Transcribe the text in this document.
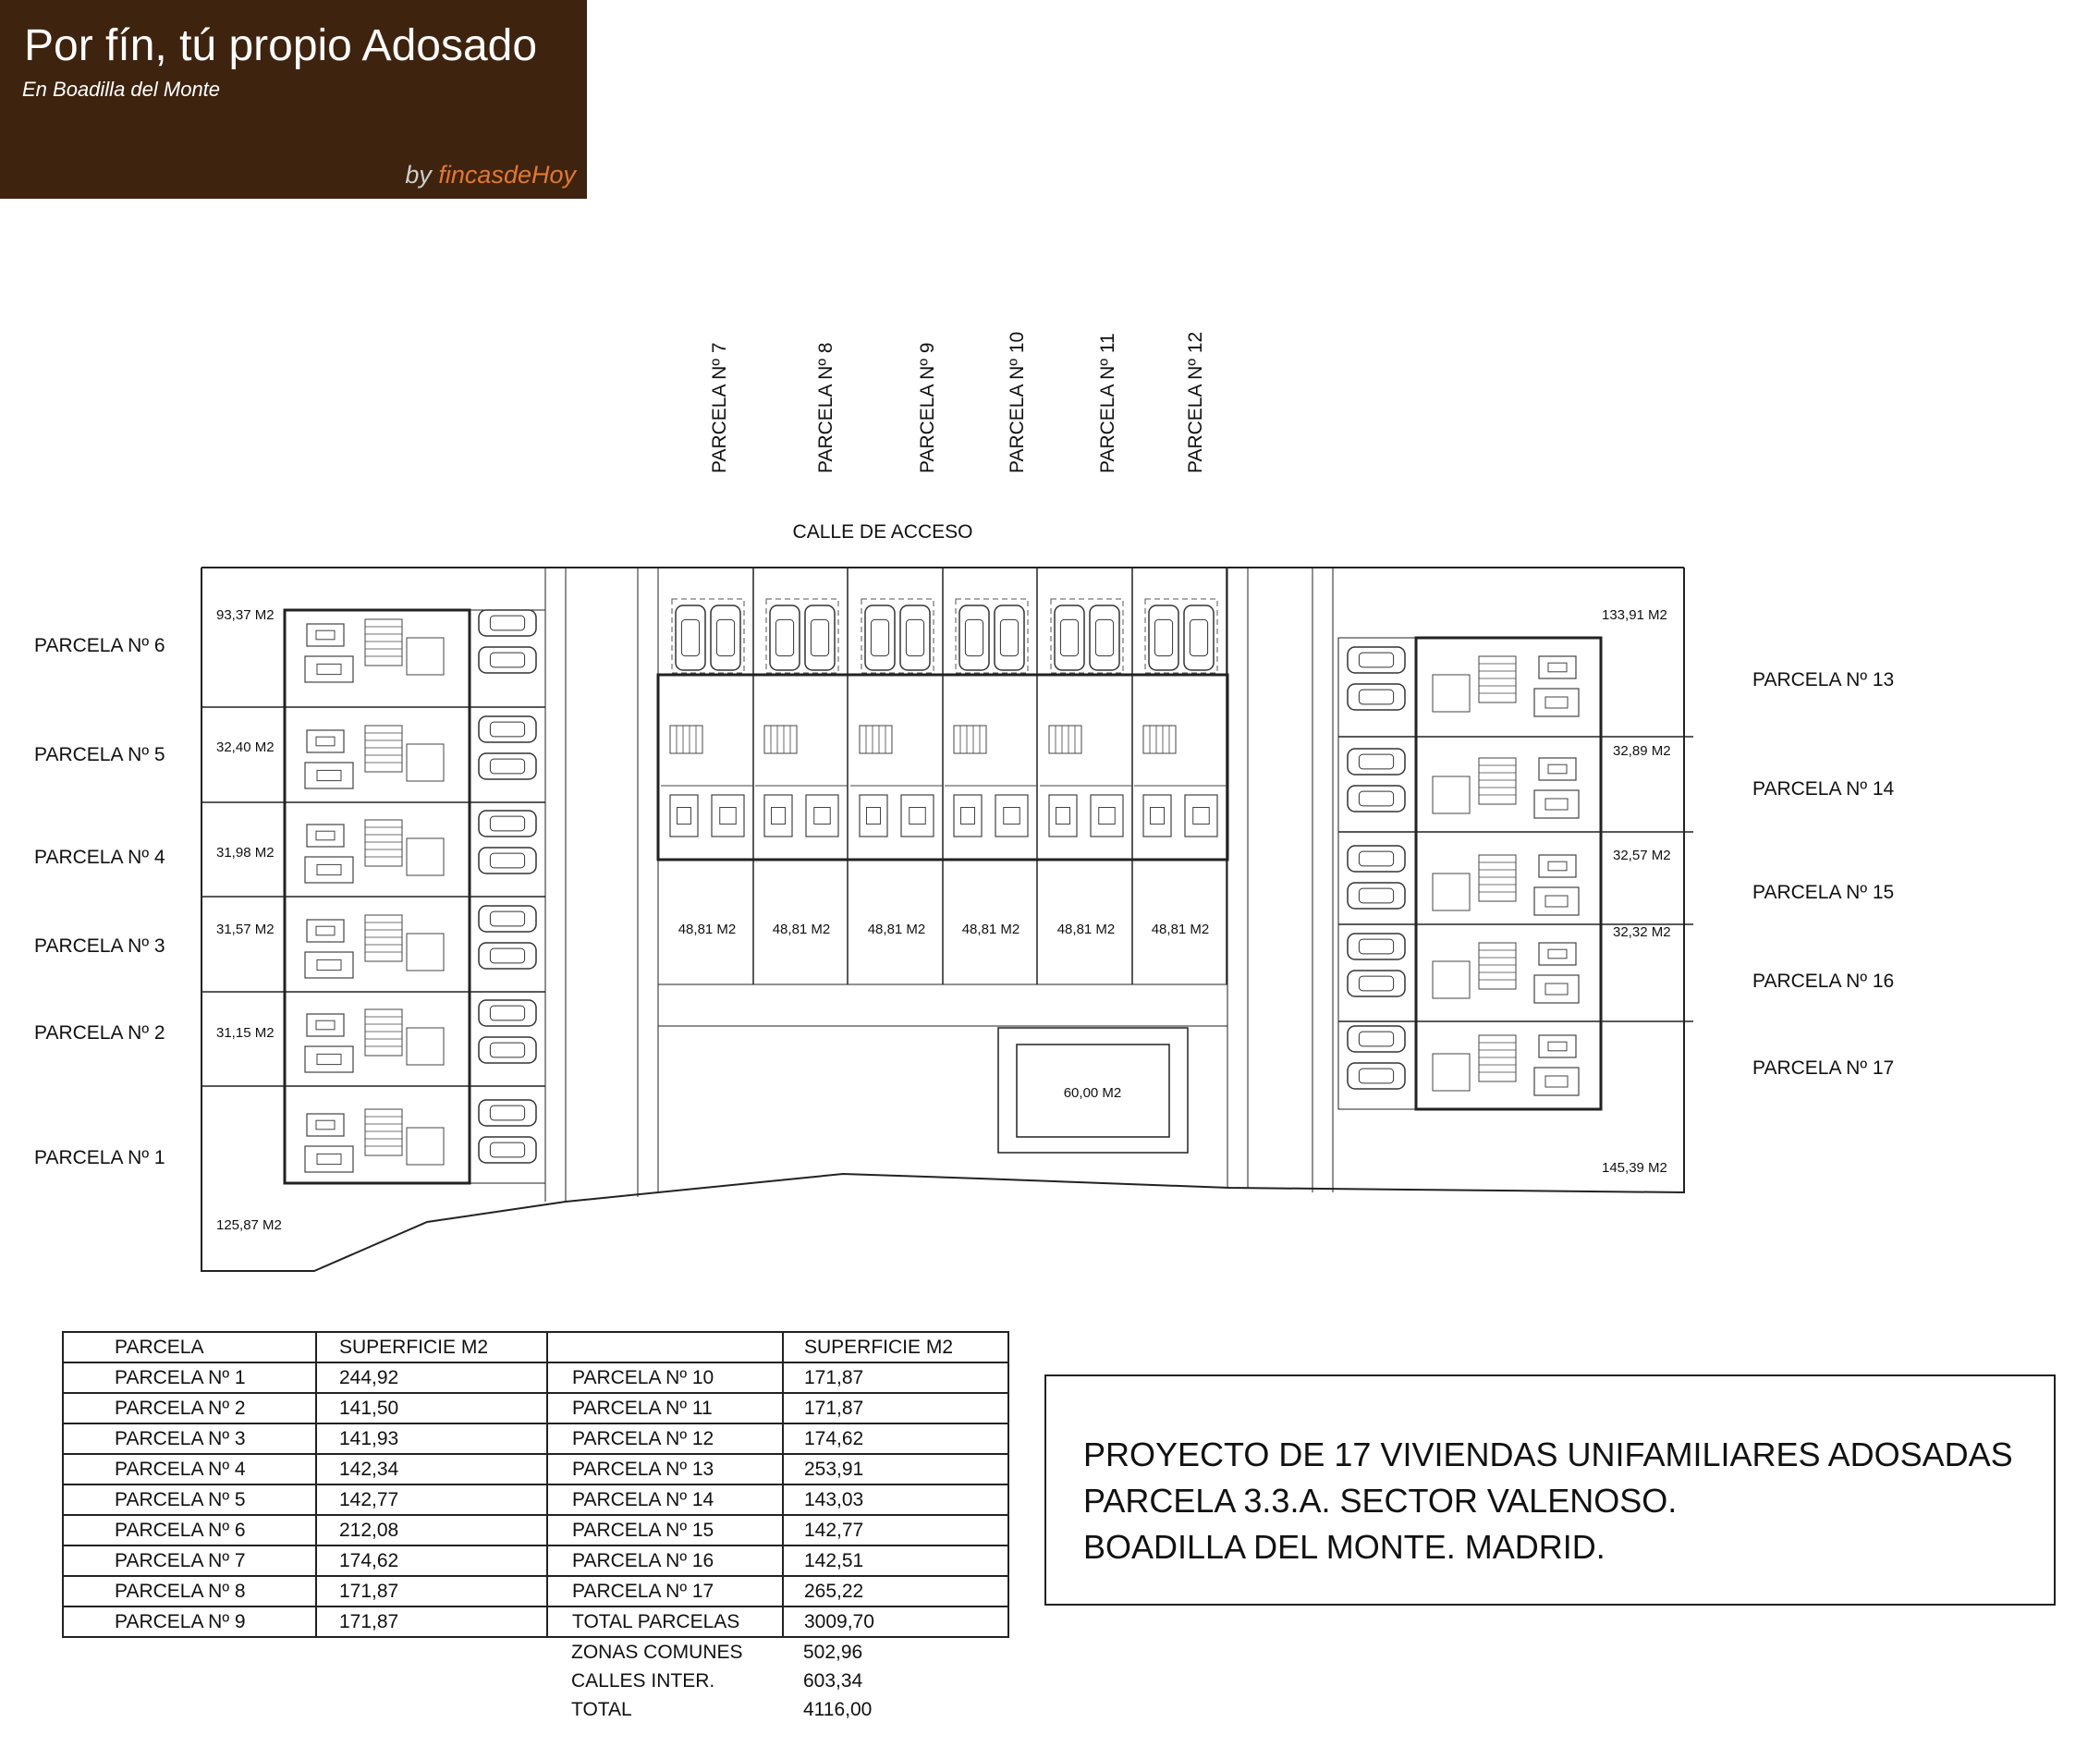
CALLE DE ACCESO
PARCELA Nº 6
93,37 M2
PARCELA Nº 5	32,40 M2
PARCELA Nº 4	31,98 M2
PARCELA Nº 3
31,57 M2
PARCELA Nº 2	31,15 M2
PARCELA Nº 1
125,87 M2
PARCELA Nº 7
48,81 M2
PARCELA Nº 8
48,81 M2
PARCELA Nº 9
48,81 M2
PARCELA Nº 10
48,81 M2
PARCELA Nº 11
48,81 M2
PARCELA Nº 12
48,81 M2
PARCELA Nº 13
133,91 M2
PARCELA Nº 14
32,89 M2
PARCELA Nº 15
32,57 M2
PARCELA Nº 16
32,32 M2
PARCELA Nº 17
145,39 M2
60,00 M2
Por fín, tú propio Adosado
En Boadilla del Monte
by fincasdeHoy
PARCELA	SUPERFICIE M2		SUPERFICIE M2
PARCELA Nº 1	244,92	PARCELA Nº 10	171,87
PARCELA Nº 2	141,50	PARCELA Nº 11	171,87
PARCELA Nº 3	141,93	PARCELA Nº 12	174,62
PARCELA Nº 4	142,34	PARCELA Nº 13	253,91
PARCELA Nº 5	142,77	PARCELA Nº 14	143,03
PARCELA Nº 6	212,08	PARCELA Nº 15	142,77
PARCELA Nº 7	174,62	PARCELA Nº 16	142,51
PARCELA Nº 8	171,87	PARCELA Nº 17	265,22
PARCELA Nº 9	171,87	TOTAL PARCELAS	3009,70
		ZONAS COMUNES	502,96
		CALLES INTER.	603,34
		TOTAL	4116,00
PROYECTO DE 17 VIVIENDAS UNIFAMILIARES ADOSADAS
PARCELA 3.3.A. SECTOR VALENOSO.
BOADILLA DEL MONTE. MADRID.
